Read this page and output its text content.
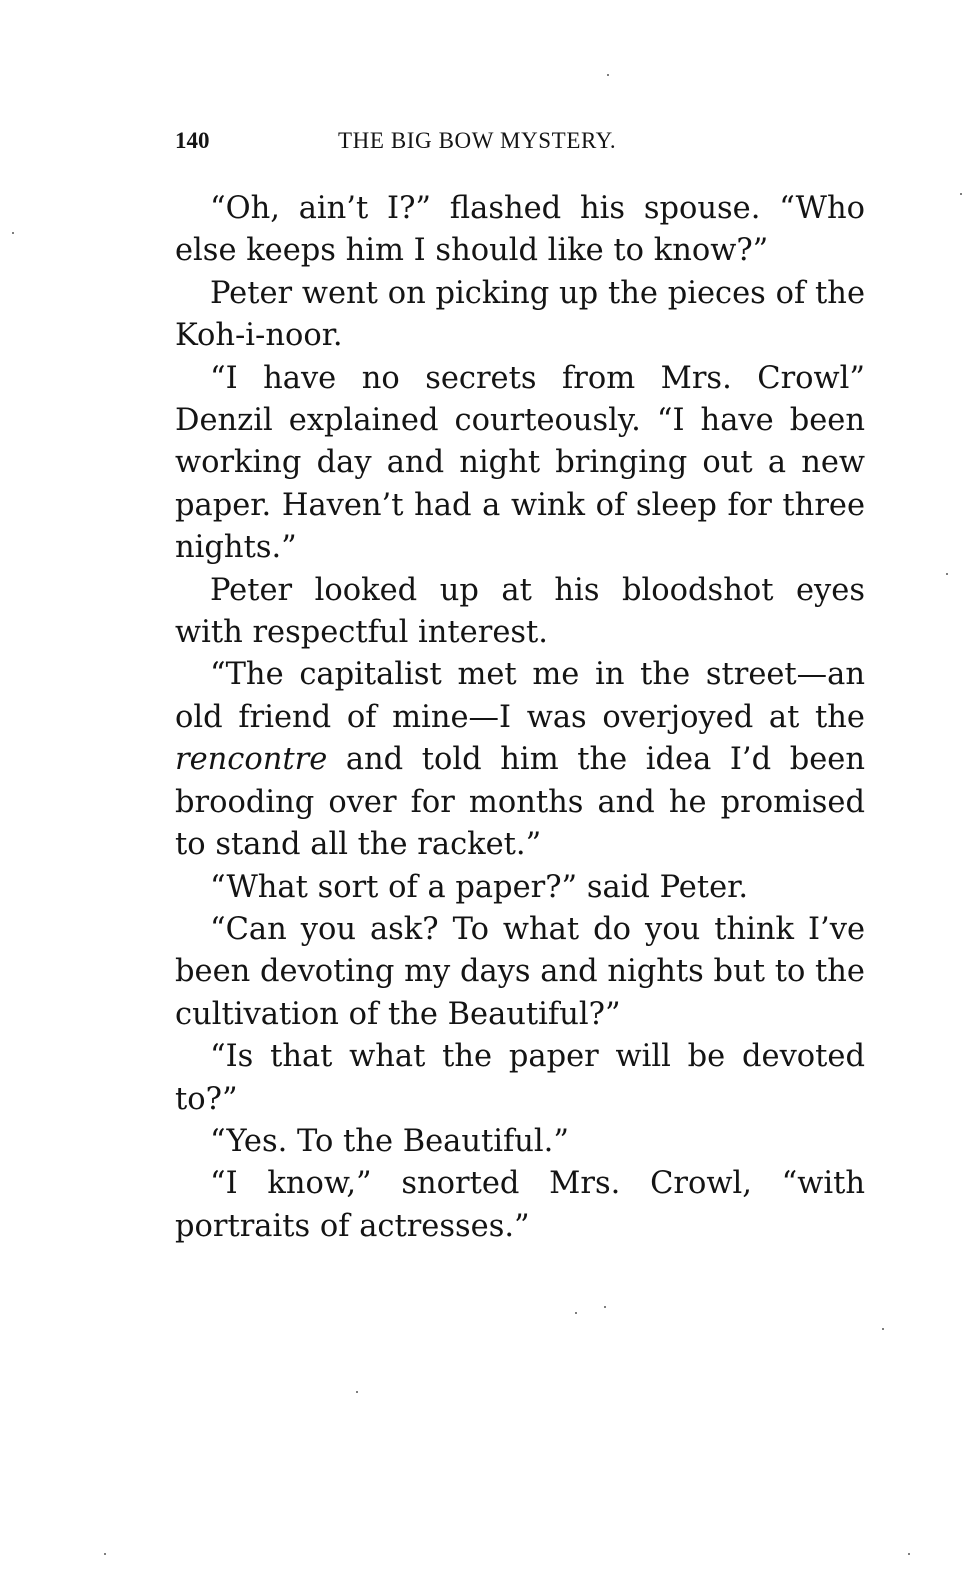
140	THE BIG BOW MYSTERY.

“Oh, ain’t I?” flashed his spouse. “Who else keeps him I should like to know?”

Peter went on picking up the pieces of the Koh-i-noor.

“I have no secrets from Mrs. Crowl” Denzil explained courteously. “I have been working day and night bringing out a new paper. Haven’t had a wink of sleep for three nights.”

Peter looked up at his bloodshot eyes with respectful interest.

“The capitalist met me in the street—an old friend of mine—I was overjoyed at the rencontre and told him the idea I’d been brooding over for months and he promised to stand all the racket.”

“What sort of a paper?” said Peter.

“Can you ask? To what do you think I’ve been devoting my days and nights but to the cultivation of the Beautiful?”

“Is that what the paper will be devoted to?”

“Yes. To the Beautiful.”

“I know,” snorted Mrs. Crowl, “with portraits of actresses.”
